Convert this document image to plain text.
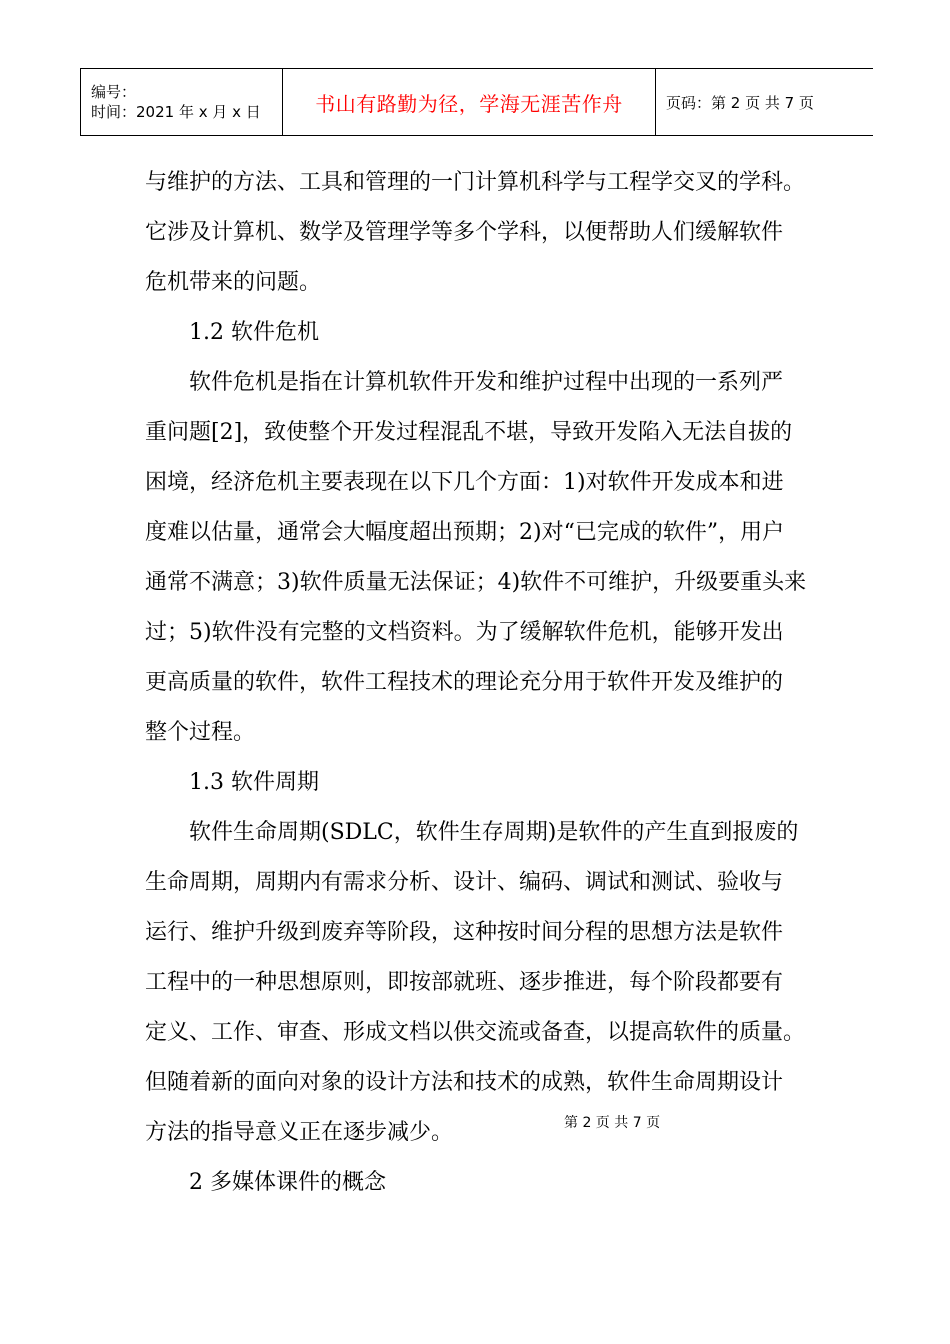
编号：
时间：2021 年 x 月 x 日	书山有路勤为径，学海无涯苦作舟	页码：第 2 页 共 7 页

与维护的方法、工具和管理的一门计算机科学与工程学交叉的学科。

它涉及计算机、数学及管理学等多个学科，以便帮助人们缓解软件

危机带来的问题。

1.2 软件危机

软件危机是指在计算机软件开发和维护过程中出现的一系列严

重问题[2]，致使整个开发过程混乱不堪，导致开发陷入无法自拔的

困境，经济危机主要表现在以下几个方面：1)对软件开发成本和进

度难以估量，通常会大幅度超出预期；2)对“已完成的软件”，用户

通常不满意；3)软件质量无法保证；4)软件不可维护，升级要重头来

过；5)软件没有完整的文档资料。为了缓解软件危机，能够开发出

更高质量的软件，软件工程技术的理论充分用于软件开发及维护的

整个过程。

1.3 软件周期

软件生命周期(SDLC，软件生存周期)是软件的产生直到报废的

生命周期，周期内有需求分析、设计、编码、调试和测试、验收与

运行、维护升级到废弃等阶段，这种按时间分程的思想方法是软件

工程中的一种思想原则，即按部就班、逐步推进，每个阶段都要有

定义、工作、审查、形成文档以供交流或备查，以提高软件的质量。

但随着新的面向对象的设计方法和技术的成熟，软件生命周期设计

方法的指导意义正在逐步减少。

2 多媒体课件的概念

第 2 页 共 7 页
